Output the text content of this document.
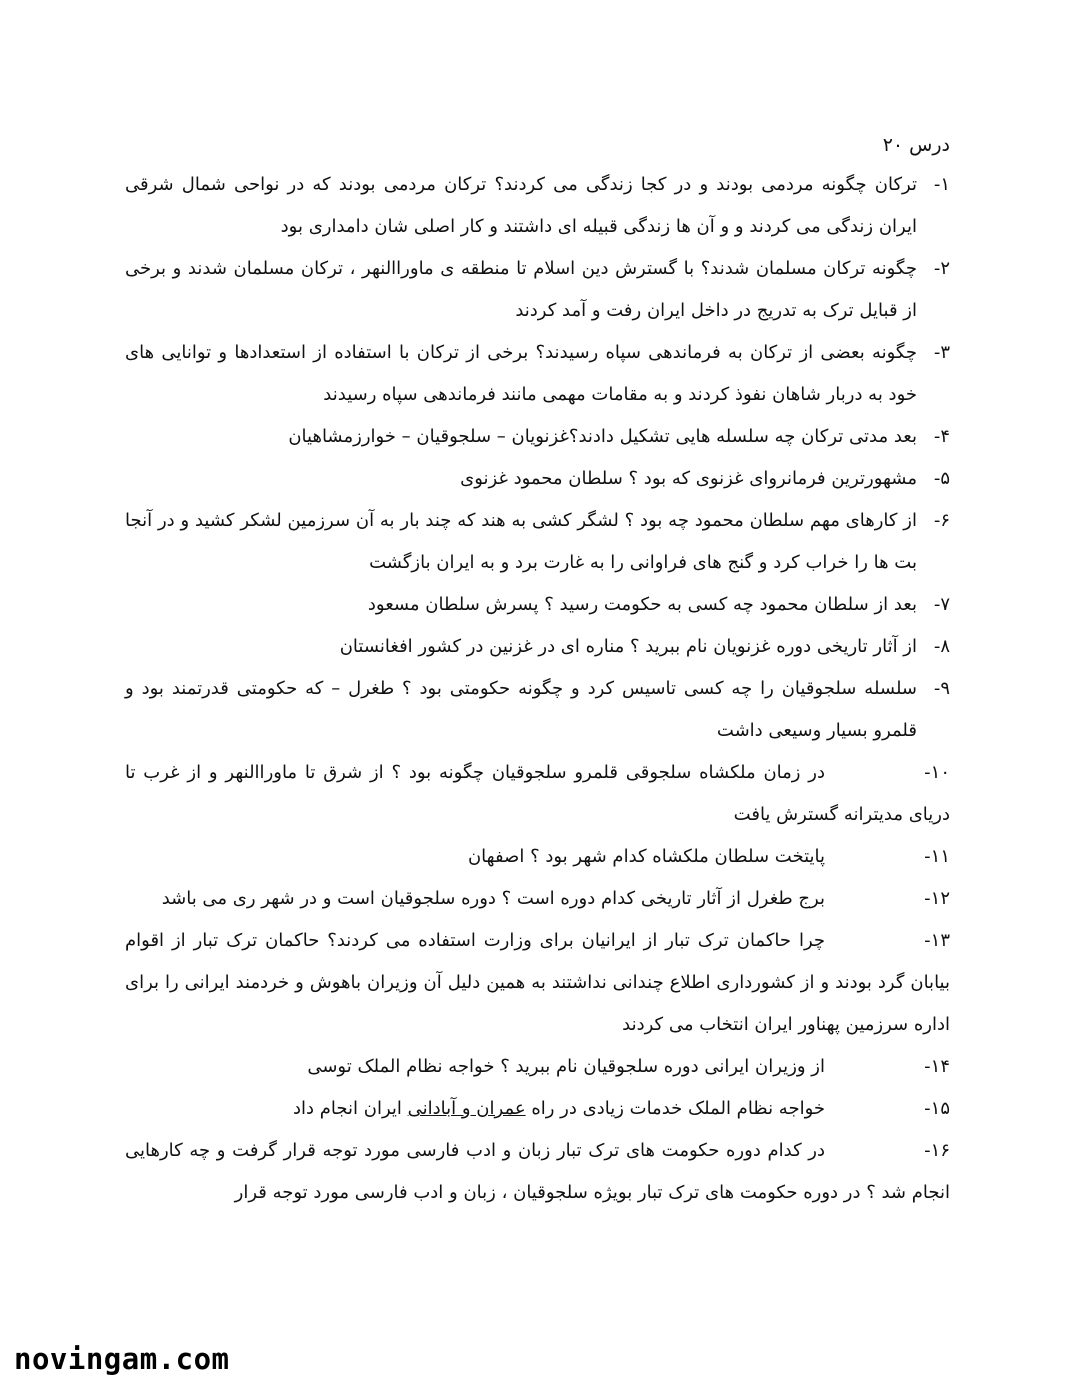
درس ۲۰
۱-
ترکان چگونه مردمی بودند و در کجا زندگی می کردند؟ ترکان مردمی بودند که در نواحی شمال شرقی ایران زندگی می کردند و و آن ها زندگی قبیله ای داشتند و کار اصلی شان دامداری بود
۲-
چگونه ترکان مسلمان شدند؟ با گسترش دین اسلام تا منطقه ی ماوراالنهر ، ترکان مسلمان شدند و برخی از قبایل ترک به تدریج در داخل ایران رفت و آمد کردند
۳-
چگونه بعضی از ترکان به فرماندهی سپاه رسیدند؟ برخی از ترکان با استفاده از استعدادها و توانایی های خود به دربار شاهان نفوذ کردند و به مقامات مهمی مانند فرماندهی سپاه رسیدند
۴-
بعد مدتی ترکان چه سلسله هایی تشکیل دادند؟غزنویان – سلجوقیان – خوارزمشاهیان
۵-
مشهورترین فرمانروای غزنوی که بود ؟ سلطان محمود غزنوی
۶-
از کارهای مهم سلطان محمود چه بود ؟ لشگر کشی به هند که چند بار به آن سرزمین لشکر کشید و در آنجا بت ها را خراب کرد و گنج های فراوانی را به غارت برد و به ایران بازگشت
۷-
بعد از سلطان محمود چه کسی به حکومت رسید ؟ پسرش سلطان مسعود
۸-
از آثار تاریخی دوره غزنویان نام ببرید ؟ مناره ای در غزنین در کشور افغانستان
۹-
سلسله سلجوقیان را چه کسی تاسیس کرد و چگونه حکومتی بود ؟ طغرل – که حکومتی قدرتمند بود و قلمرو بسیار وسیعی داشت
۱۰-
در زمان ملکشاه سلجوقی قلمرو سلجوقیان چگونه بود ؟ از شرق تا ماوراالنهر و از غرب تا دریای مدیترانه گسترش یافت
۱۱-
پایتخت سلطان ملکشاه کدام شهر بود ؟ اصفهان
۱۲-
برج طغرل از آثار تاریخی کدام دوره است ؟ دوره سلجوقیان است و در شهر ری می باشد
۱۳-
چرا حاکمان ترک تبار از ایرانیان برای وزارت استفاده می کردند؟ حاکمان ترک تبار از اقوام بیابان گرد بودند و از کشورداری اطلاع چندانی نداشتند به همین دلیل آن وزیران باهوش و خردمند ایرانی را برای اداره سرزمین پهناور ایران انتخاب می کردند
۱۴-
از وزیران ایرانی دوره سلجوقیان نام ببرید ؟ خواجه نظام الملک توسی
۱۵-
خواجه نظام الملک خدمات زیادی در راه عمران و آبادانی ایران انجام داد
۱۶-
در کدام دوره حکومت های ترک تبار زبان و ادب فارسی مورد توجه قرار گرفت و چه کارهایی انجام شد ؟ در دوره حکومت های ترک تبار بویژه سلجوقیان ، زبان و ادب فارسی مورد توجه قرار
novingam.com
